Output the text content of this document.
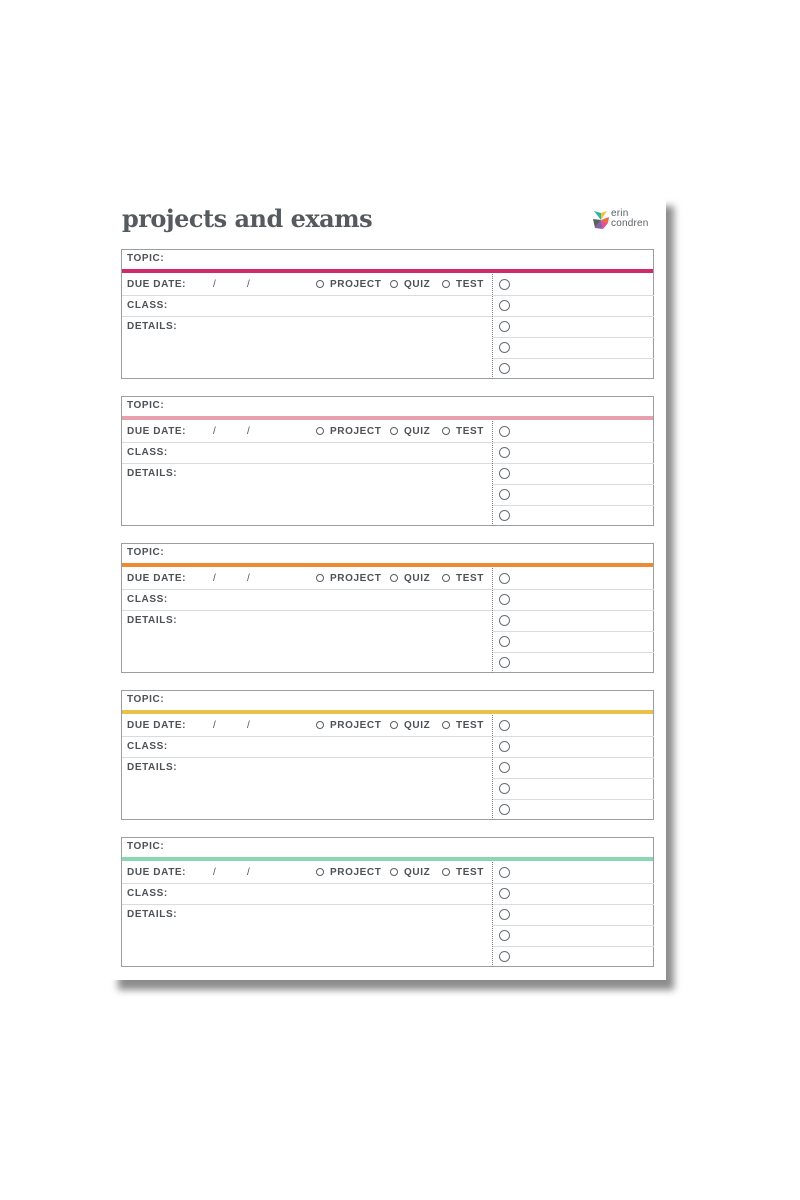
projects and exams	erin
condren
TOPIC:
DUE DATE:	/	/	PROJECT QUIZ	TEST
CLASS:
DETAILS:
TOPIC:
DUE DATE:	/	/	PROJECT QUIZ	TEST
CLASS:
DETAILS:
TOPIC:
DUE DATE:	/	/	PROJECT QUIZ	TEST
CLASS:
DETAILS:
TOPIC:
DUE DATE:	/	/	PROJECT QUIZ	TEST
CLASS:
DETAILS:
TOPIC:
DUE DATE:	/	/	PROJECT QUIZ	TEST
CLASS:
DETAILS:
